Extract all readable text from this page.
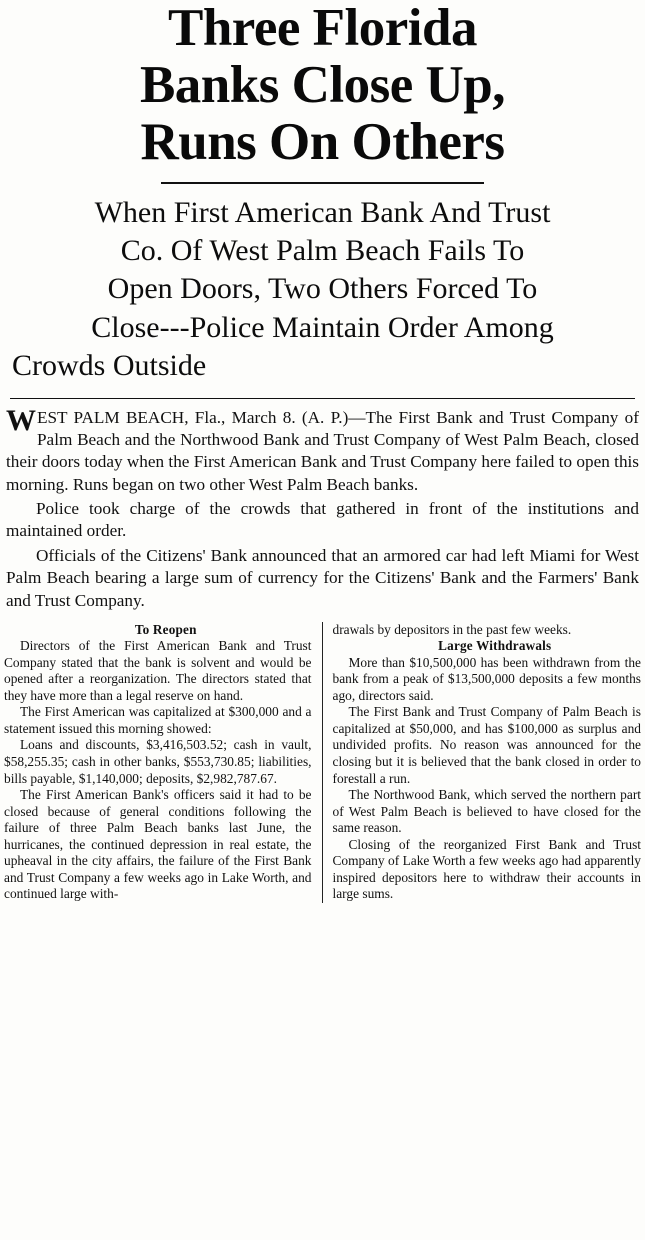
Three Florida
Banks Close Up,
Runs On Others
When First American Bank And Trust
Co. Of West Palm Beach Fails To
Open Doors, Two Others Forced To
Close---Police Maintain Order Among
Crowds Outside

WEST PALM BEACH, Fla., March 8. (A. P.)—The First Bank and Trust Company of Palm Beach and the Northwood Bank and Trust Company of West Palm Beach, closed their doors today when the First American Bank and Trust Company here failed to open this morning. Runs began on two other West Palm Beach banks.

Police took charge of the crowds that gathered in front of the institutions and maintained order.

Officials of the Citizens' Bank announced that an armored car had left Miami for West Palm Beach bearing a large sum of currency for the Citizens' Bank and the Farmers' Bank and Trust Company.

To Reopen

Directors of the First American Bank and Trust Company stated that the bank is solvent and would be opened after a reorganization. The directors stated that they have more than a legal reserve on hand.

The First American was capitalized at $300,000 and a statement issued this morning showed:

Loans and discounts, $3,416,503.52; cash in vault, $58,255.35; cash in other banks, $553,730.85; liabilities, bills payable, $1,140,000; deposits, $2,982,787.67.

The First American Bank's officers said it had to be closed because of general conditions following the failure of three Palm Beach banks last June, the hurricanes, the continued depression in real estate, the upheaval in the city affairs, the failure of the First Bank and Trust Company a few weeks ago in Lake Worth, and continued large with-

drawals by depositors in the past few weeks.

Large Withdrawals

More than $10,500,000 has been withdrawn from the bank from a peak of $13,500,000 deposits a few months ago, directors said.

The First Bank and Trust Company of Palm Beach is capitalized at $50,000, and has $100,000 as surplus and undivided profits. No reason was announced for the closing but it is believed that the bank closed in order to forestall a run.

The Northwood Bank, which served the northern part of West Palm Beach is believed to have closed for the same reason.

Closing of the reorganized First Bank and Trust Company of Lake Worth a few weeks ago had apparently inspired depositors here to withdraw their accounts in large sums.
